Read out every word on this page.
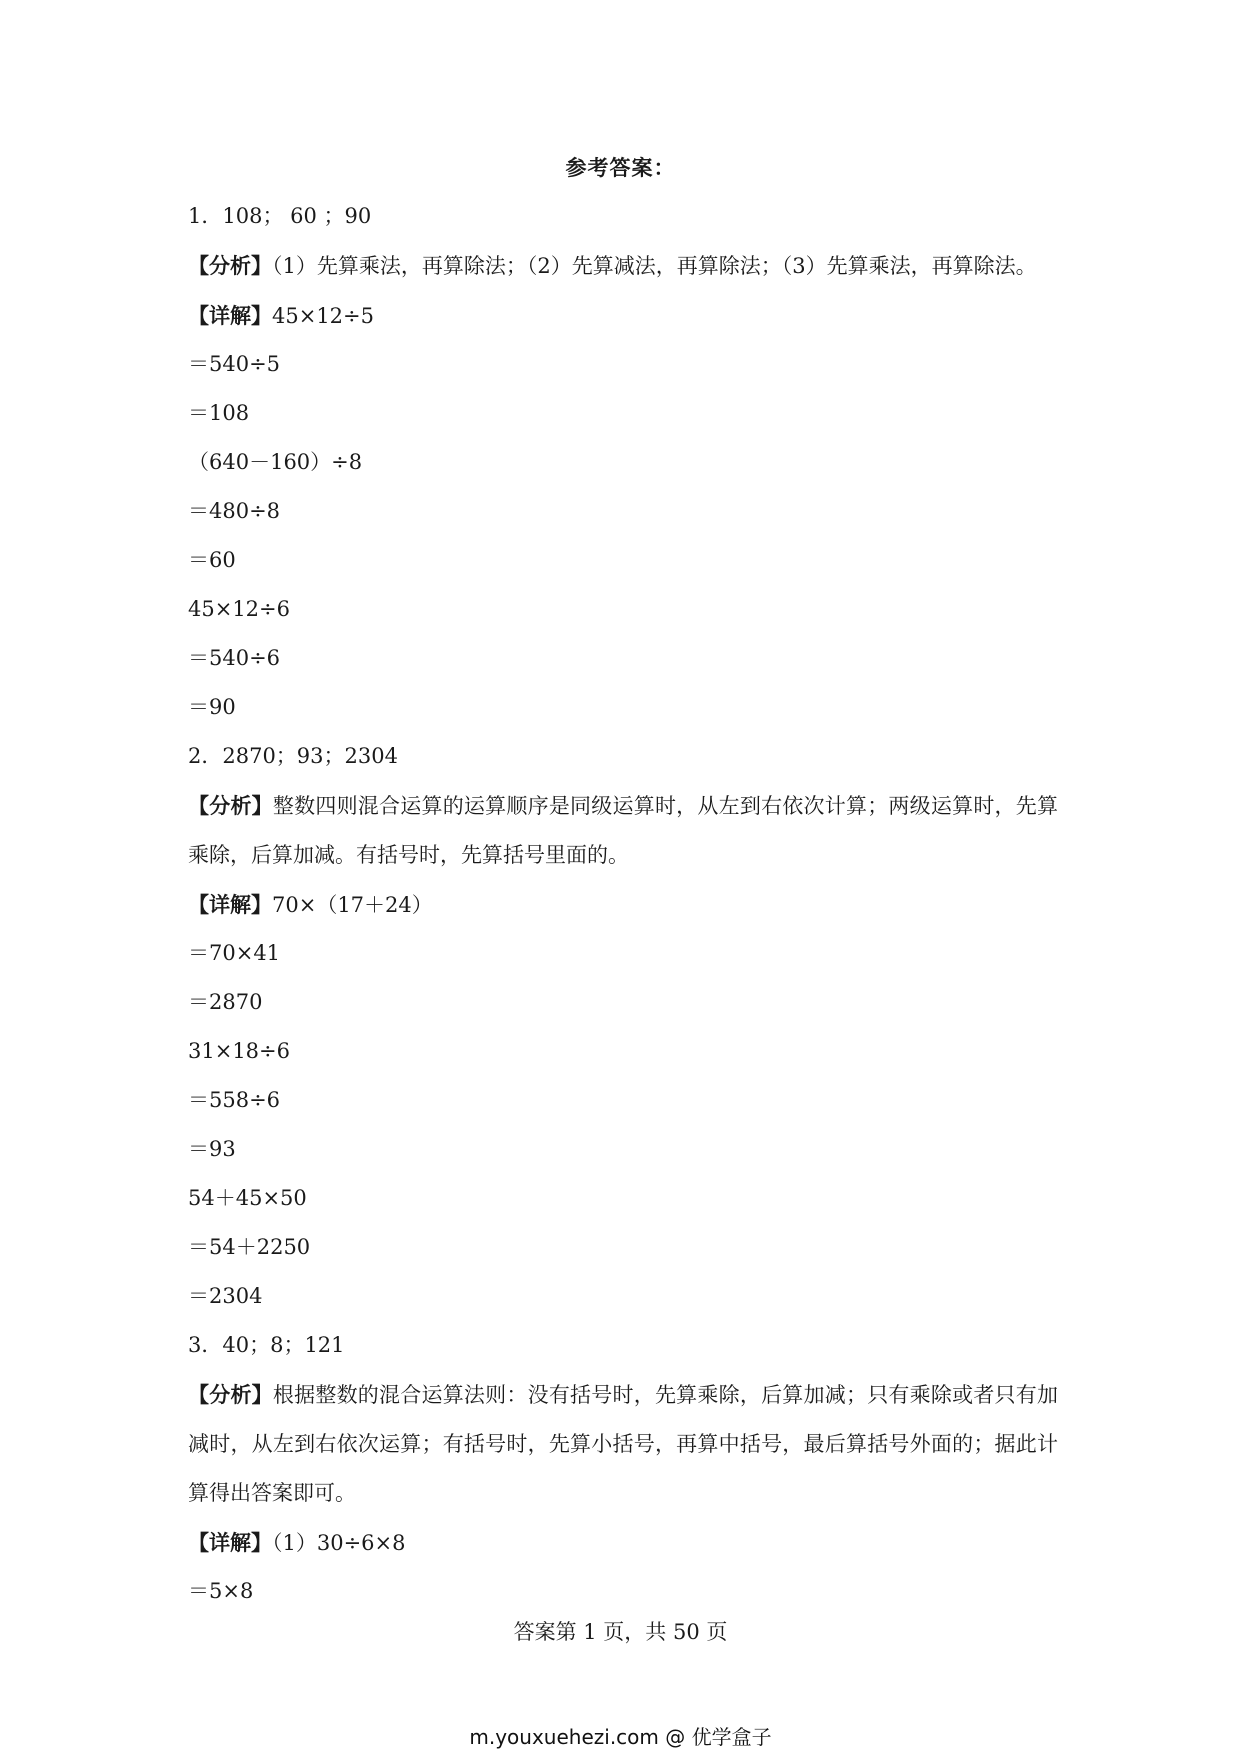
参考答案：
1．108； 60 ；90
【分析】（1）先算乘法，再算除法；（2）先算减法，再算除法；（3）先算乘法，再算除法。
【详解】45×12÷5
＝540÷5
＝108
（640－160）÷8
＝480÷8
＝60
45×12÷6
＝540÷6
＝90
2．2870；93；2304
【分析】整数四则混合运算的运算顺序是同级运算时，从左到右依次计算；两级运算时，先算乘除，后算加减。有括号时，先算括号里面的。
【详解】70×（17＋24）
＝70×41
＝2870
31×18÷6
＝558÷6
＝93
54＋45×50
＝54＋2250
＝2304
3．40；8；121
【分析】根据整数的混合运算法则：没有括号时，先算乘除，后算加减；只有乘除或者只有加减时，从左到右依次运算；有括号时，先算小括号，再算中括号，最后算括号外面的；据此计算得出答案即可。
【详解】（1）30÷6×8
＝5×8
答案第 1 页，共 50 页
m.youxuehezi.com @ 优学盒子
